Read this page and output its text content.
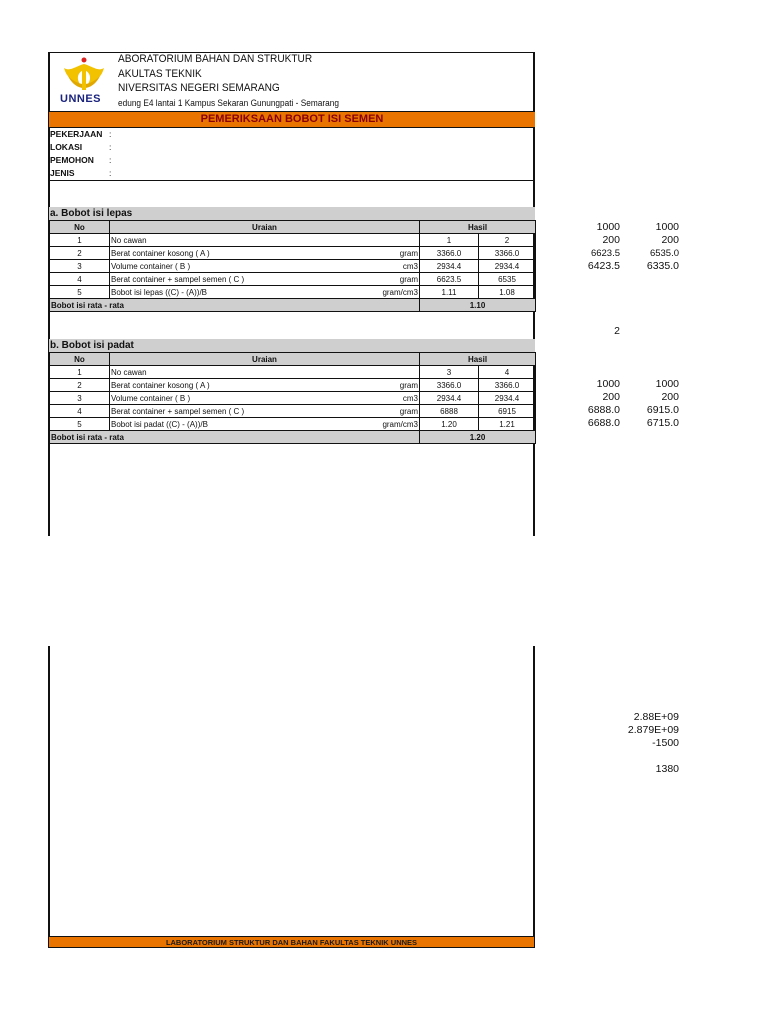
UNNES
ABORATORIUM BAHAN DAN STRUKTUR
AKULTAS TEKNIK
NIVERSITAS NEGERI SEMARANG
edung E4 lantai 1 Kampus Sekaran Gunungpati - Semarang
PEMERIKSAAN BOBOT ISI SEMEN
PEKERJAAN :
LOKASI	:
PEMOHON :
JENIS	:
a. Bobot isi lepas
No	Uraian	Hasil	
1	No cawan	1	2
2	Berat container kosong ( A ) gram	3366.0	3366.0
3	Volume container ( B ) cm3	2934.4	2934.4
4	Berat container + sampel semen ( C ) gram	6623.5	6535
5	Bobot isi lepas ((C) - (A))/B gram/cm3	1.11	1.08
Bobot isi rata - rata		1.10	
b. Bobot isi padat
No	Uraian	Hasil	
1	No cawan	3	4
2	Berat container kosong ( A ) gram	3366.0	3366.0
3	Volume container ( B ) cm3	2934.4	2934.4
4	Berat container + sampel semen ( C ) gram	6888	6915
5	Bobot isi padat ((C) - (A))/B gram/cm3	1.20	1.21
Bobot isi rata - rata		1.20	
1000	1000
200	200
6623.5	6535.0
6423.5	6335.0
2
1000	1000
200	200
6888.0	6915.0
6688.0	6715.0
2.88E+09
2.879E+09
-1500
1380
LABORATORIUM STRUKTUR DAN BAHAN FAKULTAS TEKNIK UNNES
